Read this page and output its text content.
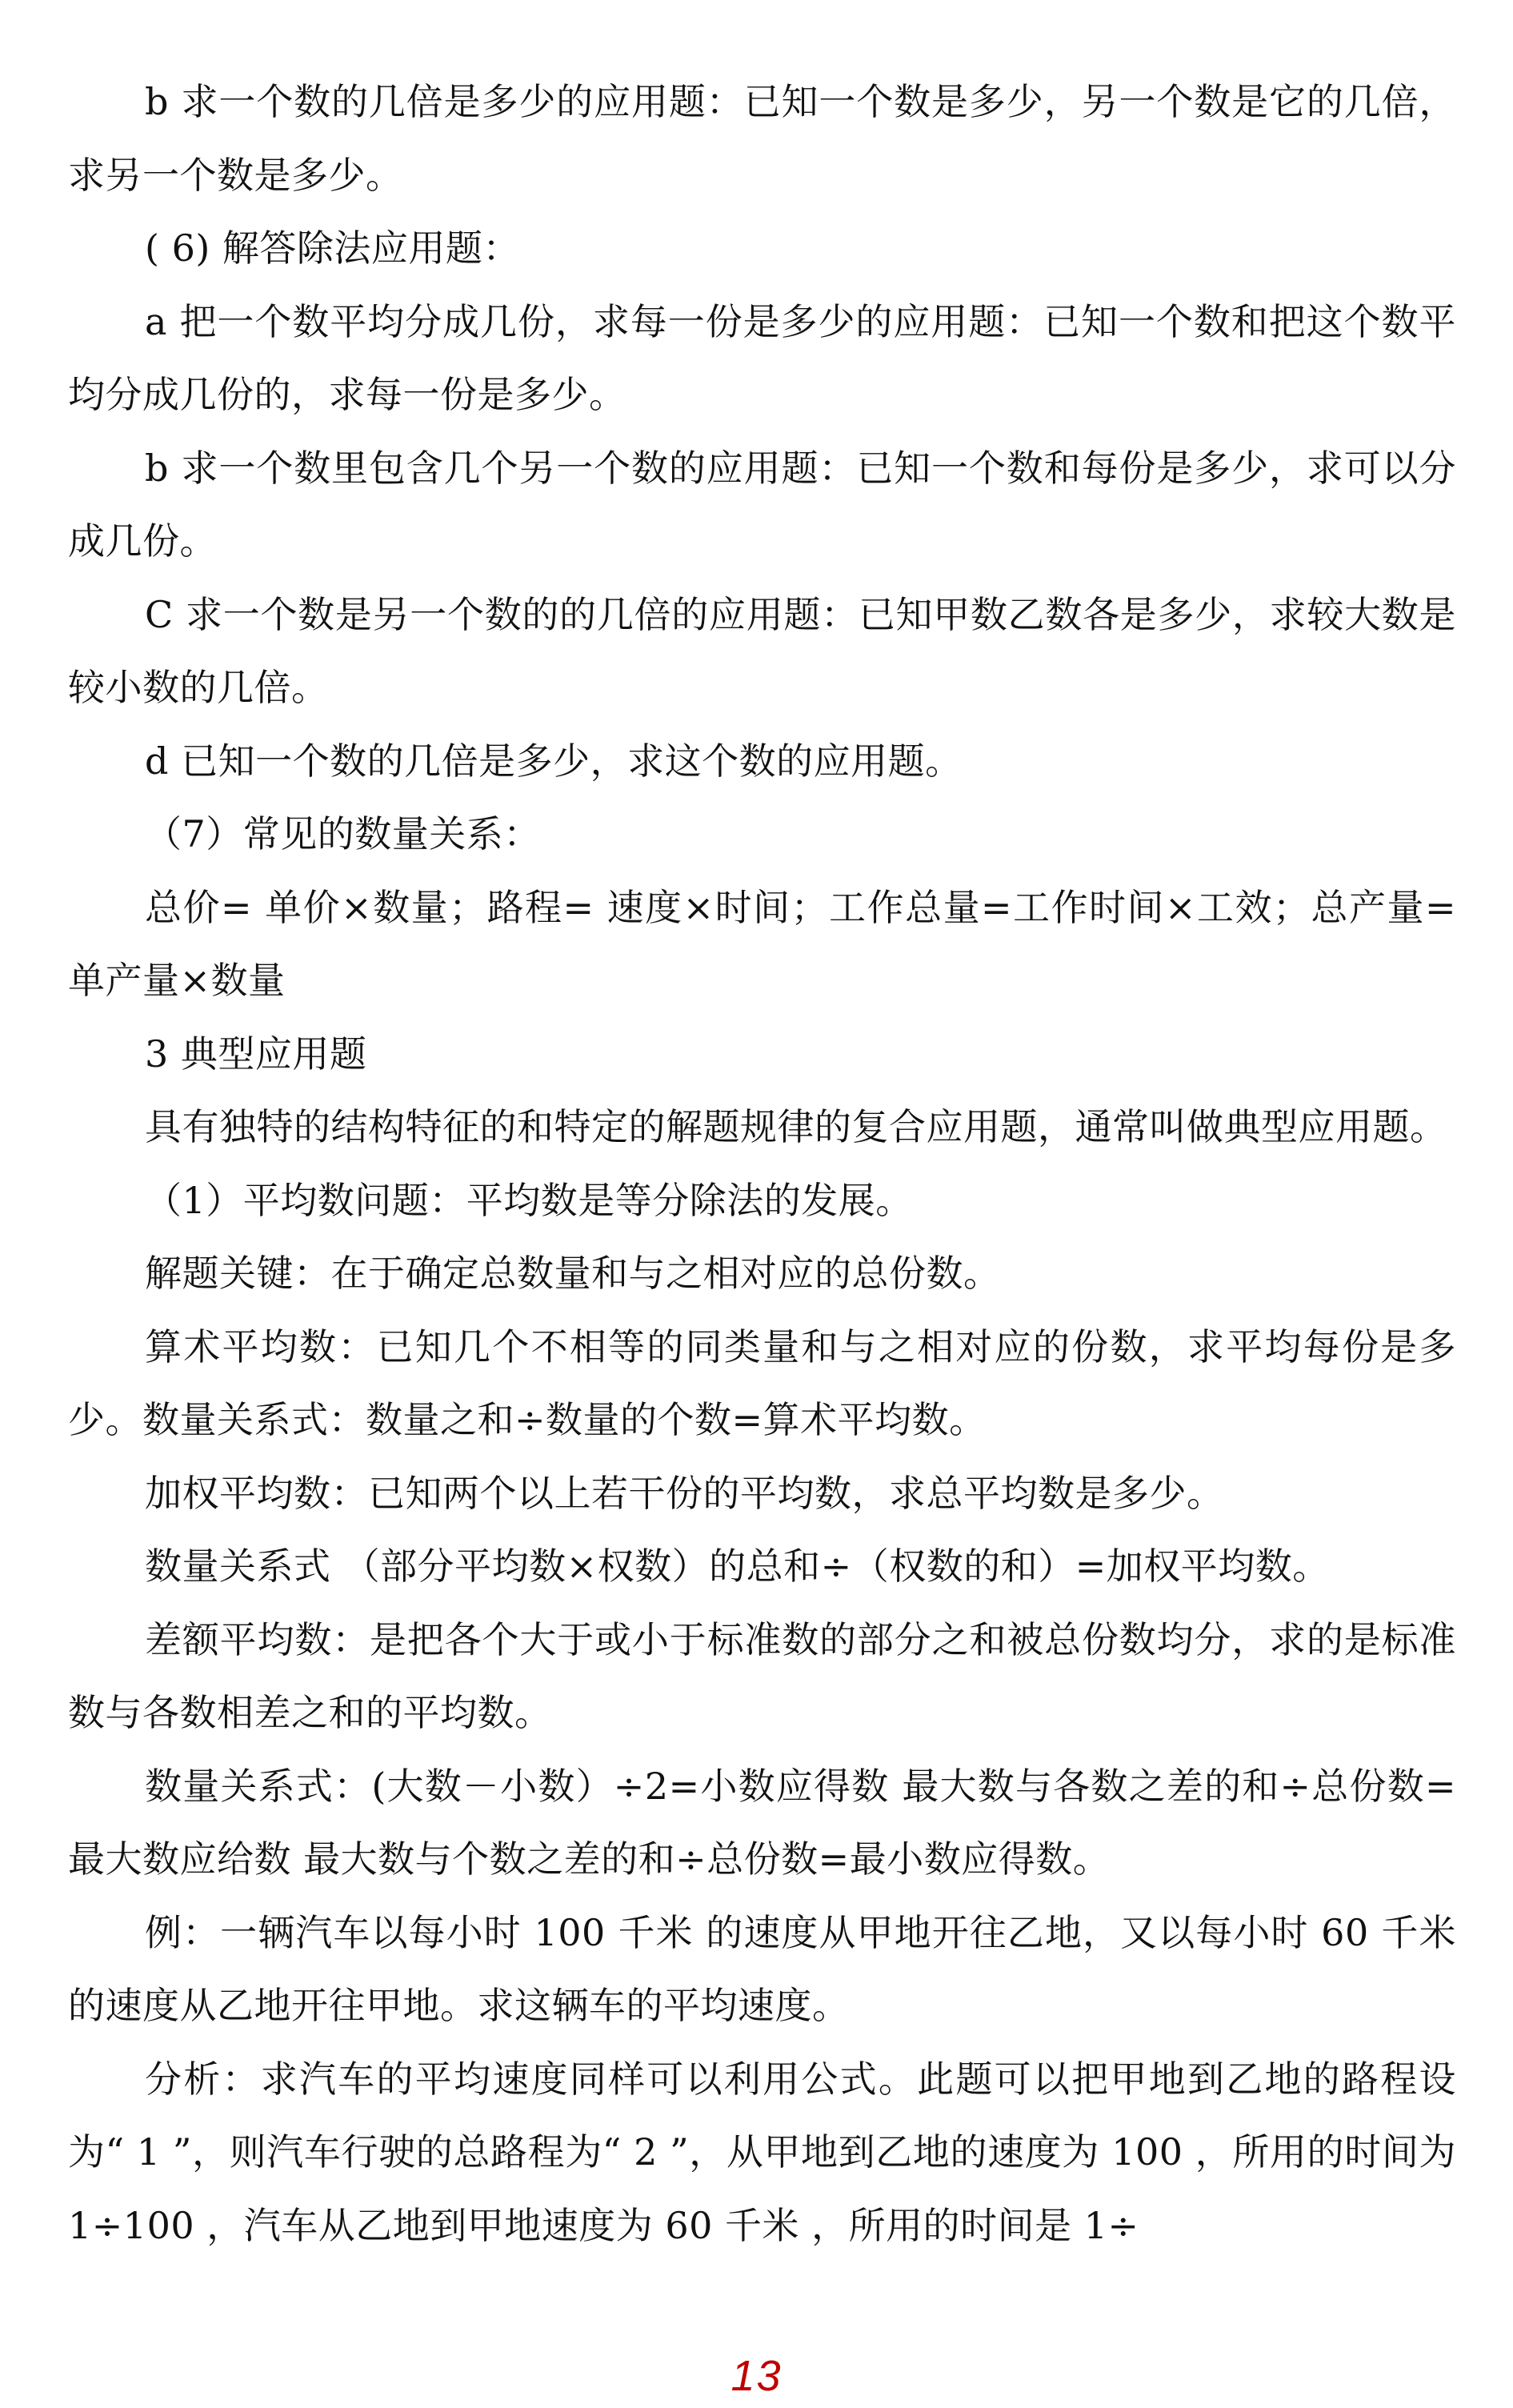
b 求一个数的几倍是多少的应用题：已知一个数是多少，另一个数是它的几倍，求另一个数是多少。

( 6) 解答除法应用题：

a 把一个数平均分成几份，求每一份是多少的应用题：已知一个数和把这个数平均分成几份的，求每一份是多少。

b 求一个数里包含几个另一个数的应用题：已知一个数和每份是多少，求可以分成几份。

C 求一个数是另一个数的的几倍的应用题：已知甲数乙数各是多少，求较大数是较小数的几倍。

d 已知一个数的几倍是多少，求这个数的应用题。

（7）常见的数量关系：

总价= 单价×数量；路程= 速度×时间；工作总量=工作时间×工效；总产量=单产量×数量

3 典型应用题

具有独特的结构特征的和特定的解题规律的复合应用题，通常叫做典型应用题。

（1）平均数问题：平均数是等分除法的发展。

解题关键：在于确定总数量和与之相对应的总份数。

算术平均数：已知几个不相等的同类量和与之相对应的份数，求平均每份是多少。数量关系式：数量之和÷数量的个数=算术平均数。

加权平均数：已知两个以上若干份的平均数，求总平均数是多少。

数量关系式 （部分平均数×权数）的总和÷（权数的和）=加权平均数。

差额平均数：是把各个大于或小于标准数的部分之和被总份数均分，求的是标准数与各数相差之和的平均数。

数量关系式：(大数－小数）÷2=小数应得数 最大数与各数之差的和÷总份数=最大数应给数 最大数与个数之差的和÷总份数=最小数应得数。

例：一辆汽车以每小时 100 千米 的速度从甲地开往乙地，又以每小时 60 千米的速度从乙地开往甲地。求这辆车的平均速度。

分析：求汽车的平均速度同样可以利用公式。此题可以把甲地到乙地的路程设为“ 1 ”，则汽车行驶的总路程为“ 2 ”，从甲地到乙地的速度为 100 ，所用的时间为 1÷100 ，汽车从乙地到甲地速度为 60 千米 ，所用的时间是 1÷

13
